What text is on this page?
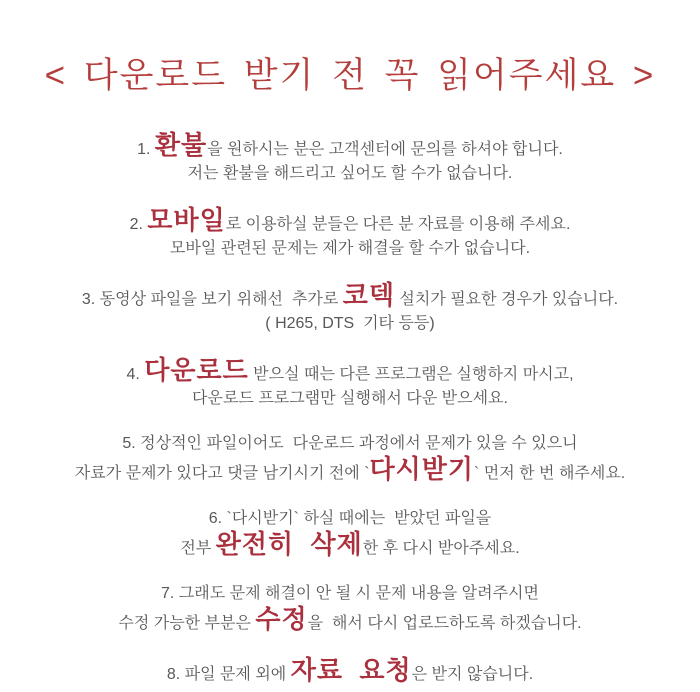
< 다운로드 받기 전 꼭 읽어주세요 >
1. 환불을 원하시는 분은 고객센터에 문의를 하셔야 합니다.
저는 환불을 해드리고 싶어도 할 수가 없습니다.
2. 모바일로 이용하실 분들은 다른 분 자료를 이용해 주세요.
모바일 관련된 문제는 제가 해결을 할 수가 없습니다.
3. 동영상 파일을 보기 위해선  추가로 코덱 설치가 필요한 경우가 있습니다.
( H265, DTS  기타 등등)
4. 다운로드 받으실 때는 다른 프로그램은 실행하지 마시고,
다운로드 프로그램만 실행해서 다운 받으세요.
5. 정상적인 파일이어도  다운로드 과정에서 문제가 있을 수 있으니
자료가 문제가 있다고 댓글 남기시기 전에 `다시받기` 먼저 한 번 해주세요.
6. `다시받기` 하실 때에는  받았던 파일을
전부 완전히  삭제한 후 다시 받아주세요.
7. 그래도 문제 해결이 안 될 시 문제 내용을 알려주시면
수정 가능한 부분은 수정을  해서 다시 업로드하도록 하겠습니다.
8. 파일 문제 외에 자료  요청은 받지 않습니다.
